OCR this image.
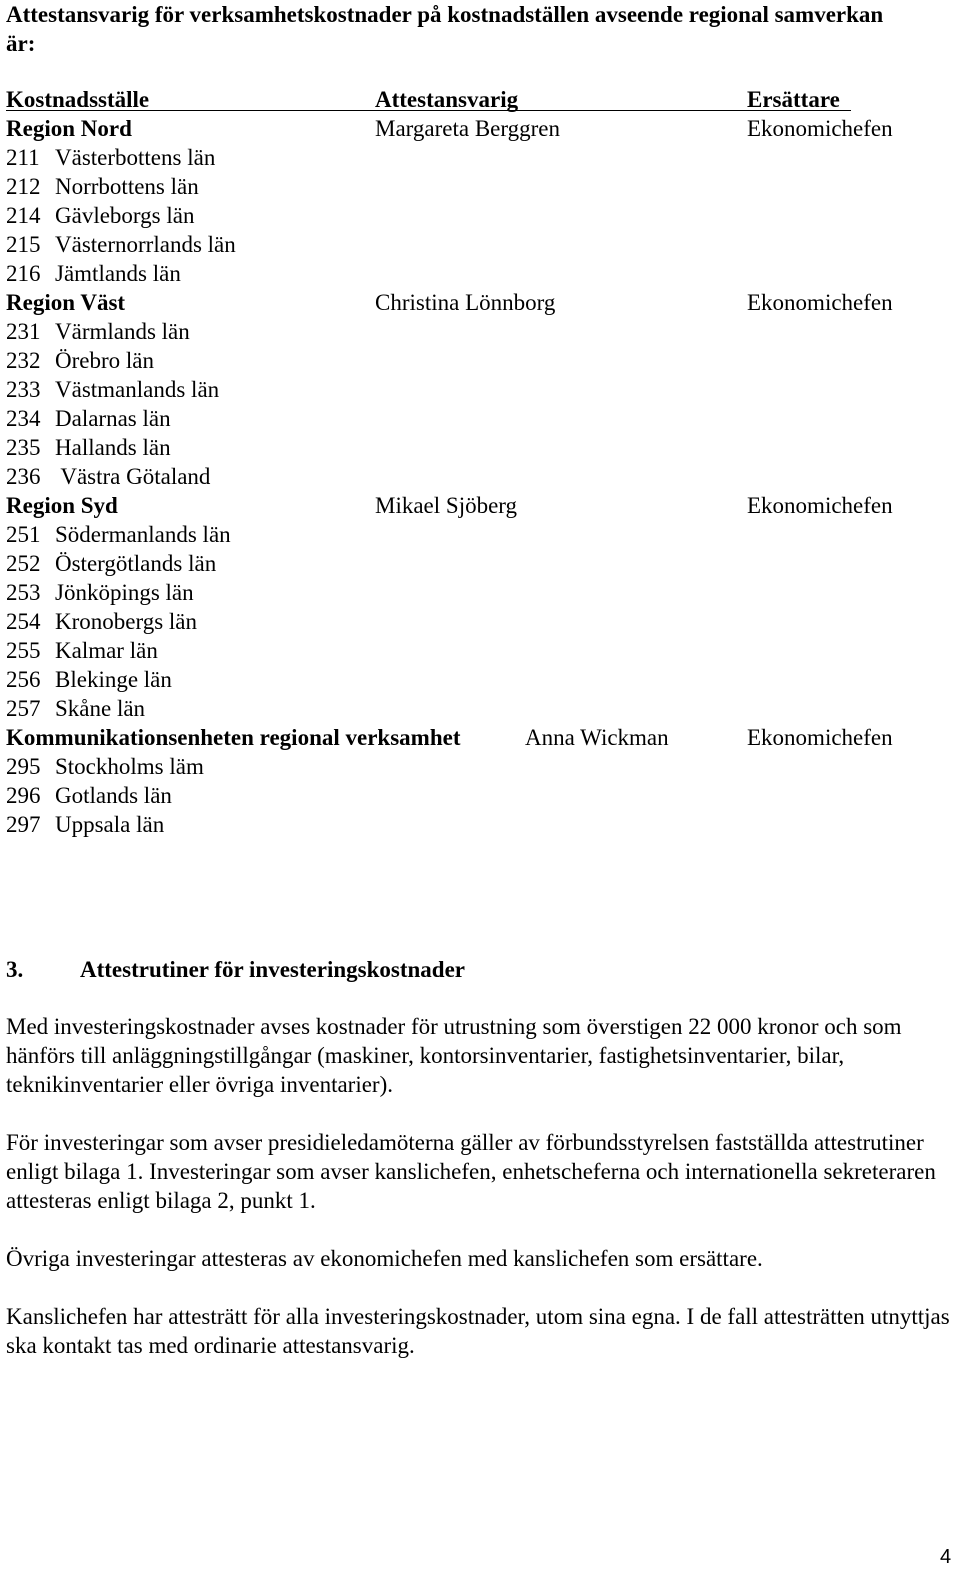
Attestansvarig för verksamhetskostnader på kostnadställen avseende regional samverkan är:

Kostnadsställe	Attestansvarig	Ersättare
Region Nord	Margareta Berggren	Ekonomichefen
211 Västerbottens län
212 Norrbottens län
214 Gävleborgs län
215 Västernorrlands län
216 Jämtlands län
Region Väst	Christina Lönnborg	Ekonomichefen
231 Värmlands län
232 Örebro län
233 Västmanlands län
234 Dalarnas län
235 Hallands län
236 Västra Götaland
Region Syd	Mikael Sjöberg	Ekonomichefen
251 Södermanlands län
252 Östergötlands län
253 Jönköpings län
254 Kronobergs län
255 Kalmar län
256 Blekinge län
257 Skåne län
Kommunikationsenheten regional verksamhet	Anna Wickman	Ekonomichefen
295 Stockholms läm
296 Gotlands län
297 Uppsala län
3. Attestrutiner för investeringskostnader

Med investeringskostnader avses kostnader för utrustning som överstigen 22 000 kronor och som hänförs till anläggningstillgångar (maskiner, kontorsinventarier, fastighetsinventarier, bilar, teknikinventarier eller övriga inventarier).

För investeringar som avser presidieledamöterna gäller av förbundsstyrelsen fastställda attestrutiner enligt bilaga 1. Investeringar som avser kanslichefen, enhetscheferna och internationella sekreteraren attesteras enligt bilaga 2, punkt 1.

Övriga investeringar attesteras av ekonomichefen med kanslichefen som ersättare.

Kanslichefen har attesträtt för alla investeringskostnader, utom sina egna. I de fall attesträtten utnyttjas ska kontakt tas med ordinarie attestansvarig.

4
